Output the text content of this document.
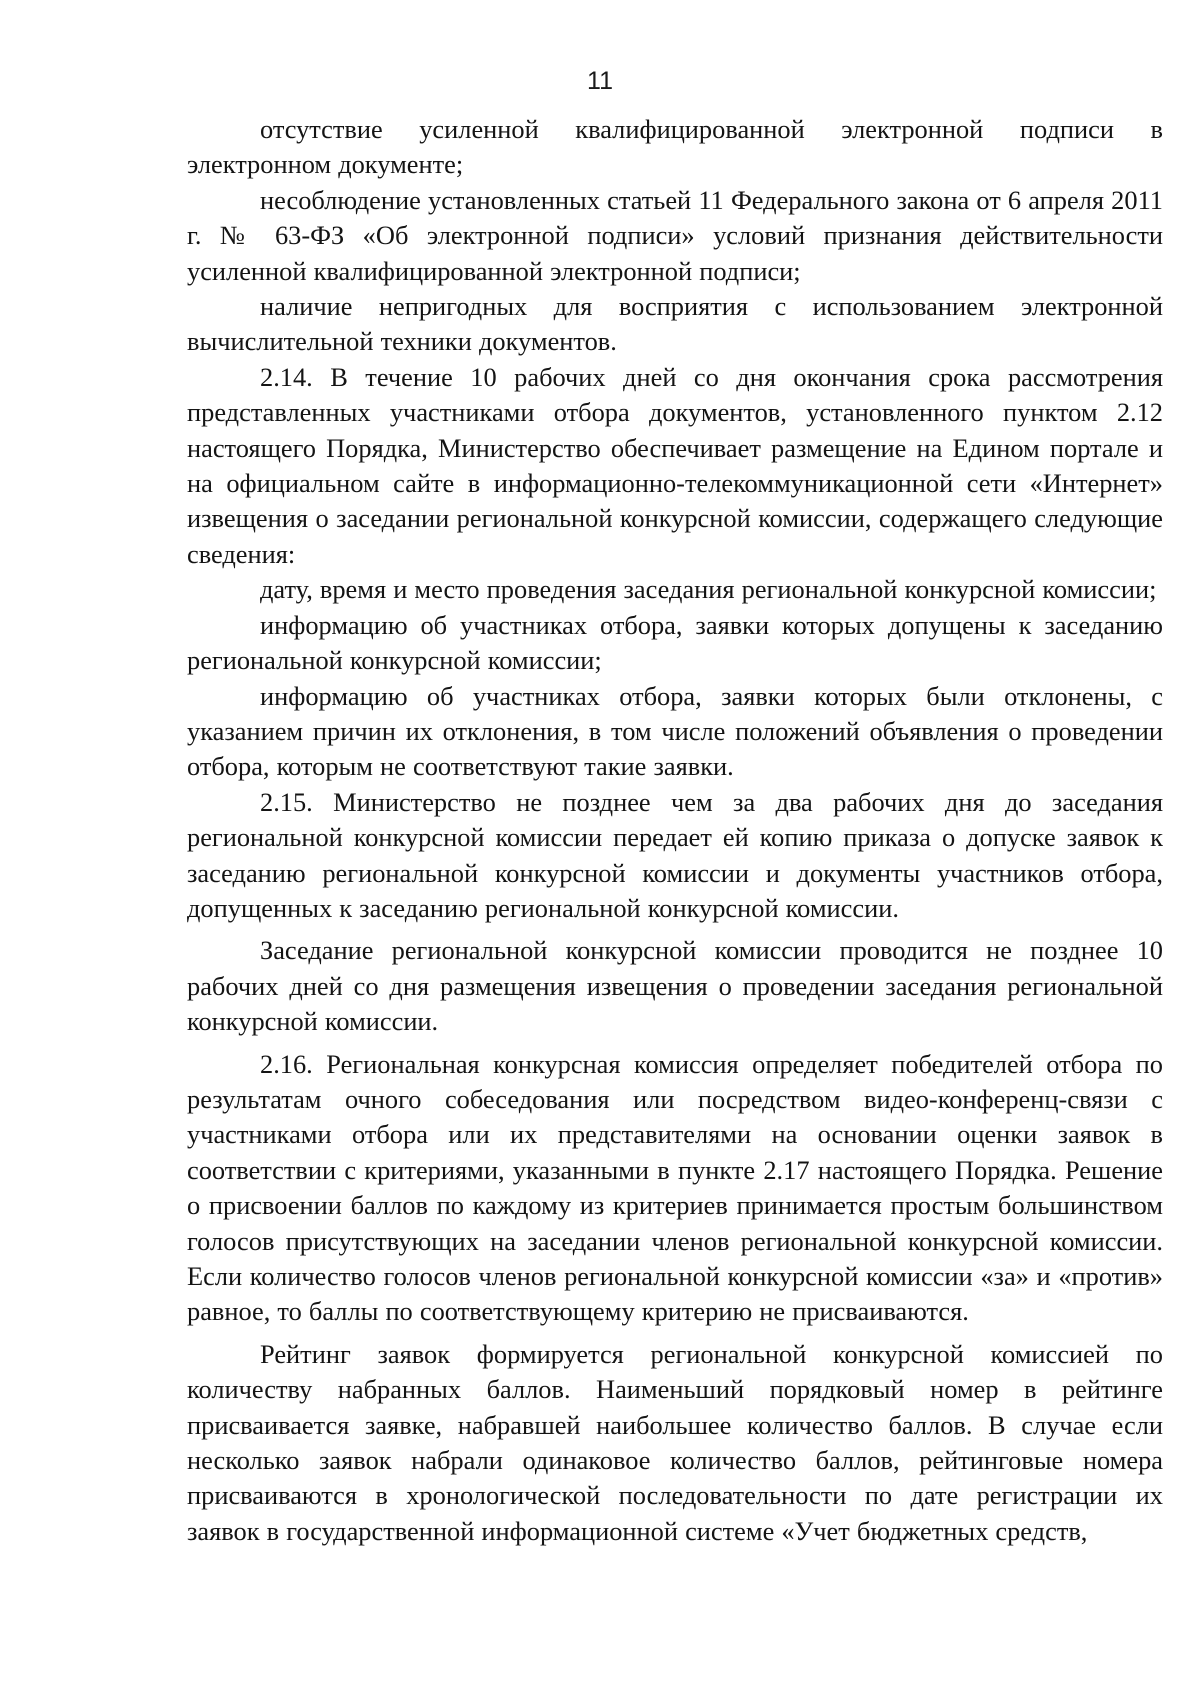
11

отсутствие усиленной квалифицированной электронной подписи в электронном документе;

несоблюдение установленных статьей 11 Федерального закона от 6 апреля 2011 г. № 63-ФЗ «Об электронной подписи» условий признания действительности усиленной квалифицированной электронной подписи;

наличие непригодных для восприятия с использованием электронной вычислительной техники документов.

2.14. В течение 10 рабочих дней со дня окончания срока рассмотрения представленных участниками отбора документов, установленного пунктом 2.12 настоящего Порядка, Министерство обеспечивает размещение на Едином портале и на официальном сайте в информационно-телекоммуникационной сети «Интернет» извещения о заседании региональной конкурсной комиссии, содержащего следующие сведения:

дату, время и место проведения заседания региональной конкурсной комиссии;

информацию об участниках отбора, заявки которых допущены к заседанию региональной конкурсной комиссии;

информацию об участниках отбора, заявки которых были отклонены, с указанием причин их отклонения, в том числе положений объявления о проведении отбора, которым не соответствуют такие заявки.

2.15. Министерство не позднее чем за два рабочих дня до заседания региональной конкурсной комиссии передает ей копию приказа о допуске заявок к заседанию региональной конкурсной комиссии и документы участников отбора, допущенных к заседанию региональной конкурсной комиссии.

Заседание региональной конкурсной комиссии проводится не позднее 10 рабочих дней со дня размещения извещения о проведении заседания региональной конкурсной комиссии.

2.16. Региональная конкурсная комиссия определяет победителей отбора по результатам очного собеседования или посредством видео-конференц-связи с участниками отбора или их представителями на основании оценки заявок в соответствии с критериями, указанными в пункте 2.17 настоящего Порядка. Решение о присвоении баллов по каждому из критериев принимается простым большинством голосов присутствующих на заседании членов региональной конкурсной комиссии. Если количество голосов членов региональной конкурсной комиссии «за» и «против» равное, то баллы по соответствующему критерию не присваиваются.

Рейтинг заявок формируется региональной конкурсной комиссией по количеству набранных баллов. Наименьший порядковый номер в рейтинге присваивается заявке, набравшей наибольшее количество баллов. В случае если несколько заявок набрали одинаковое количество баллов, рейтинговые номера присваиваются в хронологической последовательности по дате регистрации их заявок в государственной информационной системе «Учет бюджетных средств,
